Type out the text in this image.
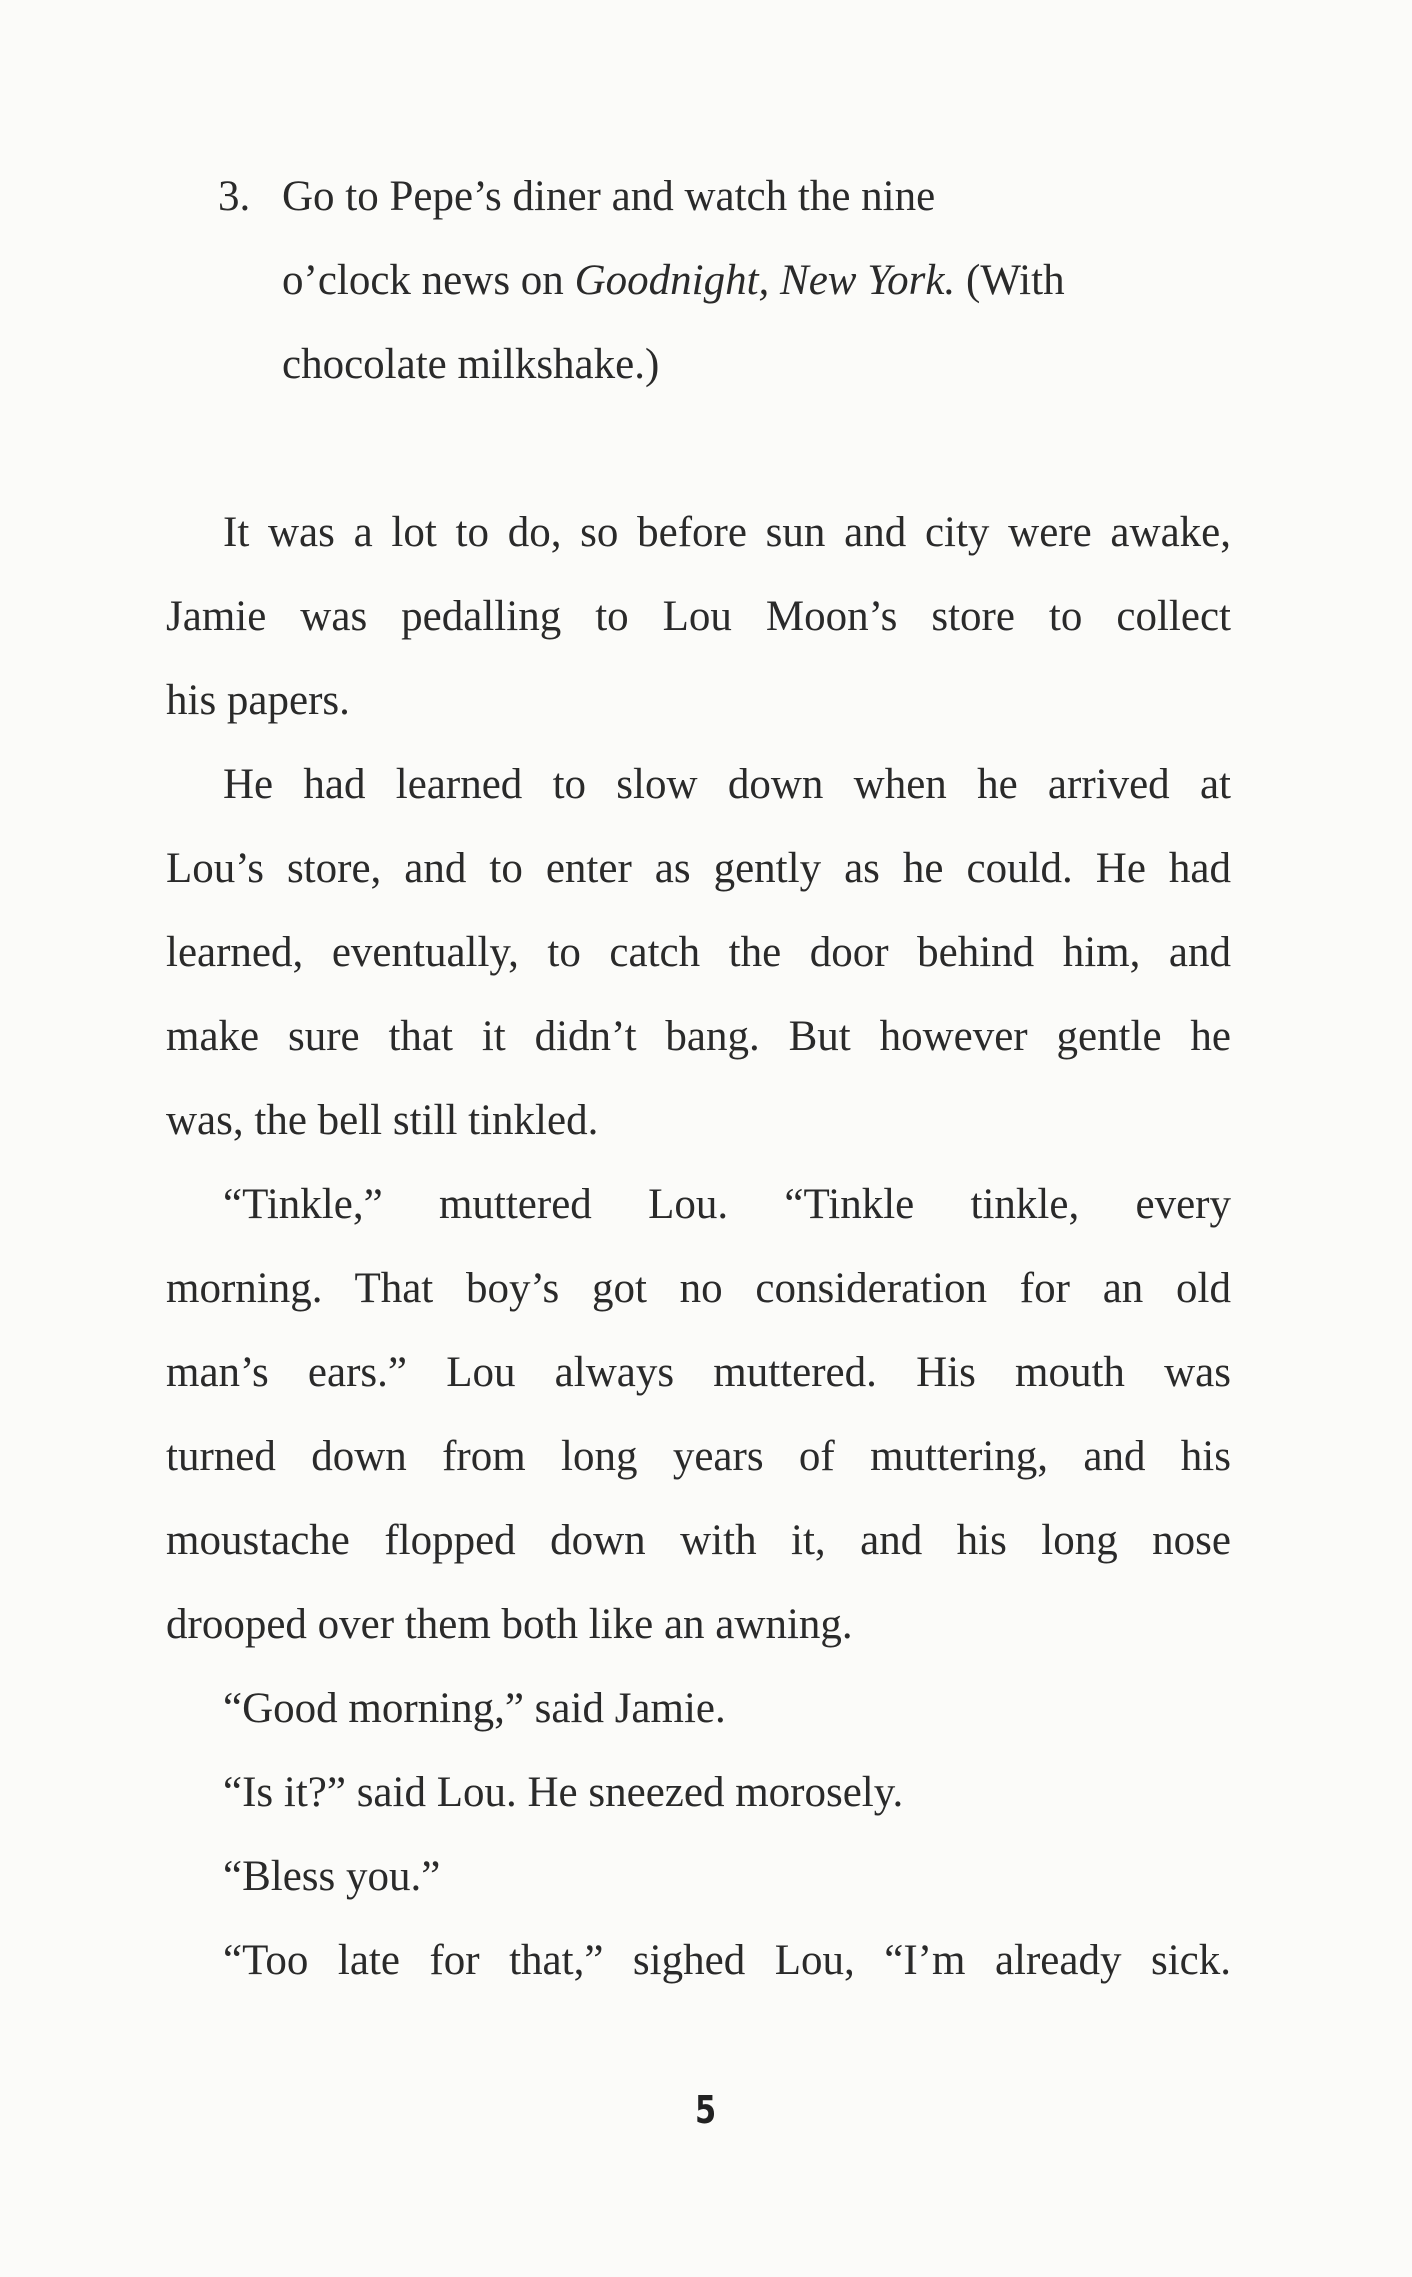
3. Go to Pepe’s diner and watch the nine
o’clock news on Goodnight, New York. (With
chocolate milkshake.)
It was a lot to do, so before sun and city were awake,
Jamie was pedalling to Lou Moon’s store to collect
his papers.
He had learned to slow down when he arrived at
Lou’s store, and to enter as gently as he could. He had
learned, eventually, to catch the door behind him, and
make sure that it didn’t bang. But however gentle he
was, the bell still tinkled.
“Tinkle,” muttered Lou. “Tinkle tinkle, every
morning. That boy’s got no consideration for an old
man’s ears.” Lou always muttered. His mouth was
turned down from long years of muttering, and his
moustache flopped down with it, and his long nose
drooped over them both like an awning.
“Good morning,” said Jamie.
“Is it?” said Lou. He sneezed morosely.
“Bless you.”
“Too late for that,” sighed Lou, “I’m already sick.
5
